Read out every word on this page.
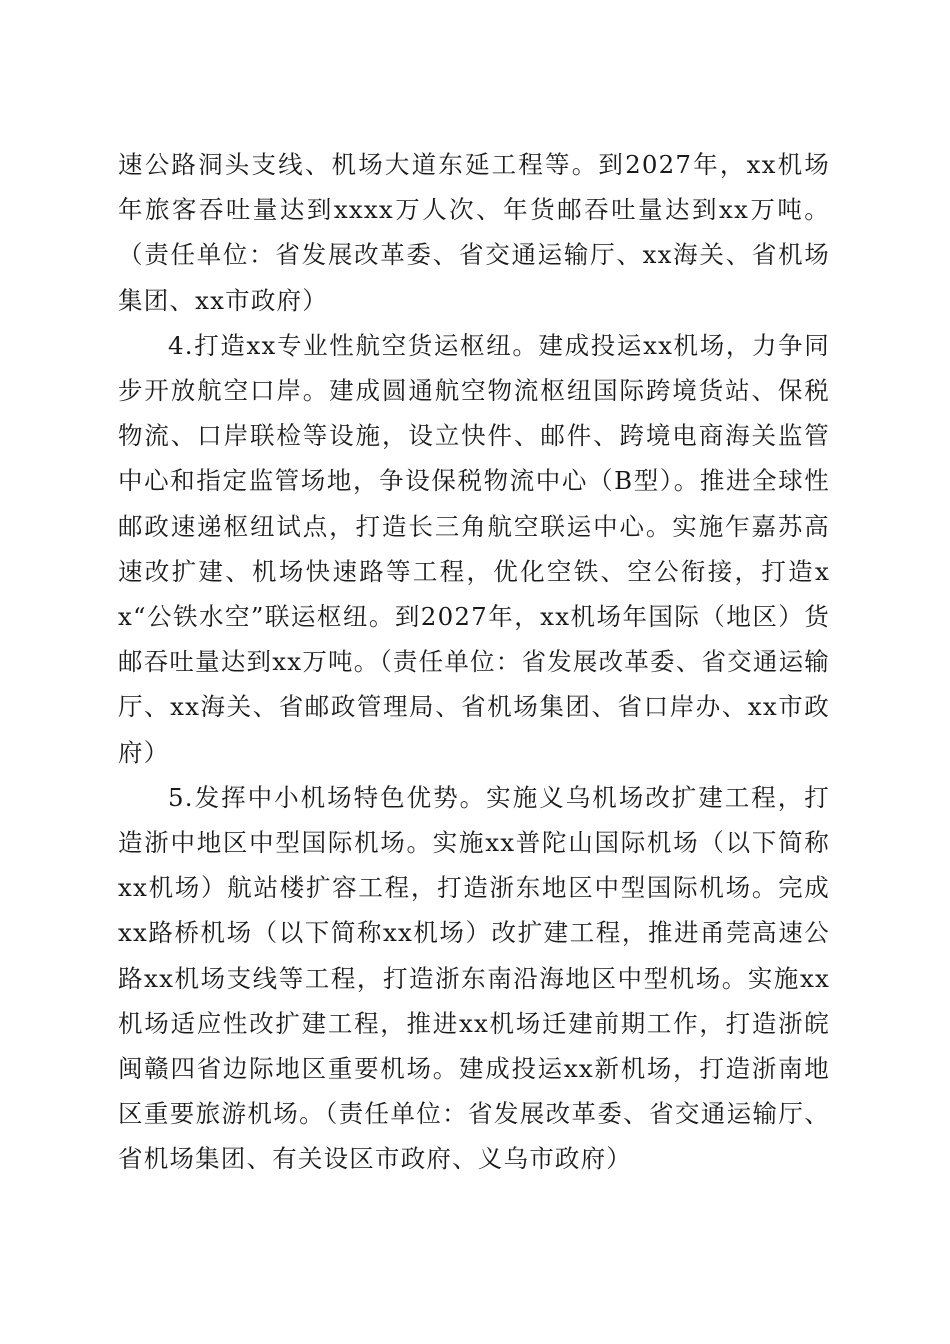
速公路洞头支线、机场大道东延工程等。到2027年，xx机场年旅客吞吐量达到xxxx万人次、年货邮吞吐量达到xx万吨。（责任单位：省发展改革委、省交通运输厅、xx海关、省机场集团、xx市政府）

4.打造xx专业性航空货运枢纽。建成投运xx机场，力争同步开放航空口岸。建成圆通航空物流枢纽国际跨境货站、保税物流、口岸联检等设施，设立快件、邮件、跨境电商海关监管中心和指定监管场地，争设保税物流中心（B型）。推进全球性邮政速递枢纽试点，打造长三角航空联运中心。实施乍嘉苏高速改扩建、机场快速路等工程，优化空铁、空公衔接，打造xx“公铁水空”联运枢纽。到2027年，xx机场年国际（地区）货邮吞吐量达到xx万吨。（责任单位：省发展改革委、省交通运输厅、xx海关、省邮政管理局、省机场集团、省口岸办、xx市政府）

5.发挥中小机场特色优势。实施义乌机场改扩建工程，打造浙中地区中型国际机场。实施xx普陀山国际机场（以下简称xx机场）航站楼扩容工程，打造浙东地区中型国际机场。完成xx路桥机场（以下简称xx机场）改扩建工程，推进甬莞高速公路xx机场支线等工程，打造浙东南沿海地区中型机场。实施xx机场适应性改扩建工程，推进xx机场迁建前期工作，打造浙皖闽赣四省边际地区重要机场。建成投运xx新机场，打造浙南地区重要旅游机场。（责任单位：省发展改革委、省交通运输厅、省机场集团、有关设区市政府、义乌市政府）
